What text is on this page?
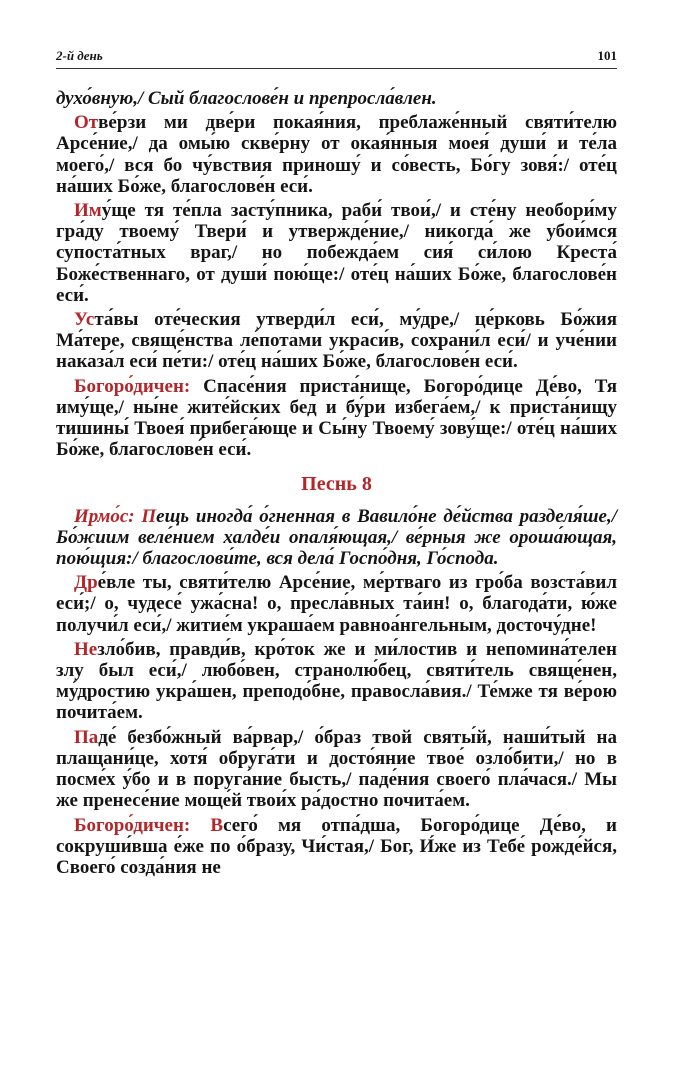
2-й день	101

духо́вную,/ Сый благослове́н и препросла́влен.

Отве́рзи ми две́ри покая́ния, преблаже́нный святи́телю Арсе́ние,/ да омы́ю скве́рну от окая́нныя моея́ души́ и те́ла моего́,/ вся бо чу́вствия приношу́ и со́весть, Бо́гу зовя́:/ оте́ц на́ших Бо́же, благослове́н еси́.

Иму́ще тя те́пла засту́пника, раби́ твои́,/ и сте́ну необори́му гра́ду твоему́ Твери́ и утвержде́ние,/ никогда́ же убои́мся супоста́тных враг,/ но побежда́ем сия́ си́лою Креста́ Боже́ственнаго, от души́ пою́ще:/ оте́ц на́ших Бо́же, благослове́н еси́.

Уста́вы оте́ческия утверди́л еси́, му́дре,/ це́рковь Бо́жия Ма́тере, свяще́нства ле́потами украси́в, сохрани́л еси́/ и уче́нии наказа́л еси́ пе́ти:/ оте́ц на́ших Бо́же, благослове́н еси́.

Богоро́дичен: Спасе́ния приста́нище, Богоро́дице Де́во, Тя иму́ще,/ ны́не жите́йских бед и бу́ри избега́ем,/ к приста́нищу тишины́ Твоея́ прибега́юще и Сы́ну Твоему́ зову́ще:/ оте́ц на́ших Бо́же, благослове́н еси́.

Песнь 8

Ирмо́с: Пещь иногда́ о́гненная в Вавило́не де́йства разделя́ше,/ Бо́жиим веле́нием халде́и опаля́ющая,/ ве́рныя же ороша́ющая, пою́щия:/ благослови́те, вся дела́ Госпо́дня, Го́спода.

Дре́вле ты, святи́телю Арсе́ние, ме́ртваго из гро́ба возста́вил еси́;/ о, чудесе́ ужа́сна! о, пресла́вных та́ин! о, благода́ти, ю́же получи́л еси́,/ житие́м украша́ем равноа́нгельным, досточу́дне!

Незло́бив, правди́в, кро́ток же и ми́лостив и непомина́телен злу был еси́,/ любо́вен, странолю́бец, святи́тель свяще́нен, му́дростию укра́шен, преподо́бне, правосла́вия./ Те́мже тя ве́рою почита́ем.

Паде́ безбо́жный ва́рвар,/ о́браз твой святы́й, наши́тый на плащани́це, хотя́ обруга́ти и досто́яние твое́ озло́бити,/ но в посме́х у́бо и в поруга́ние бысть,/ паде́ния своего́ пла́чася./ Мы же пренесе́ние моще́й твои́х ра́достно почита́ем.

Богоро́дичен: Всего́ мя отпа́дша, Богоро́дице Де́во, и сокруши́вша е́же по о́бразу, Чи́стая,/ Бог, И́же из Тебе́ рожде́йся, Своего́ созда́ния не
